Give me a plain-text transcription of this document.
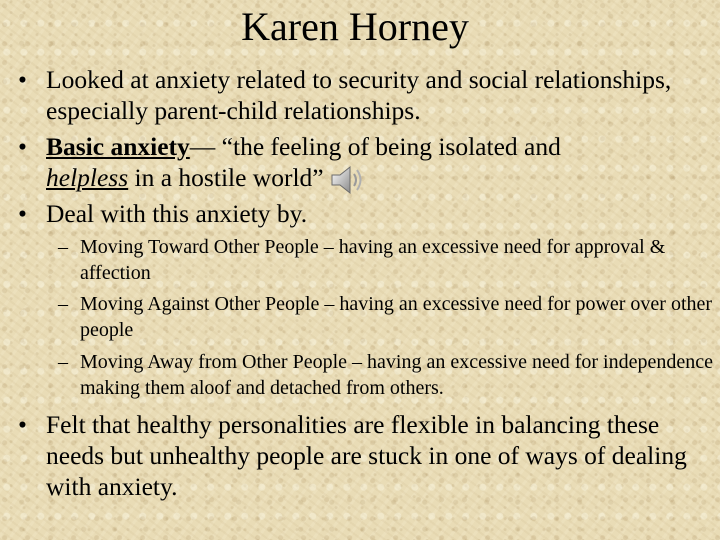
Karen Horney
• Looked at anxiety related to security and social relationships, especially parent-child relationships.
• Basic anxiety— “the feeling of being isolated and
helpless in a hostile world”
• Deal with this anxiety by.
– Moving Toward Other People – having an excessive need for approval & affection
– Moving Against Other People – having an excessive need for power over other people
– Moving Away from Other People – having an excessive need for independence making them aloof and detached from others.
• Felt that healthy personalities are flexible in balancing these needs but unhealthy people are stuck in one of ways of dealing with anxiety.
